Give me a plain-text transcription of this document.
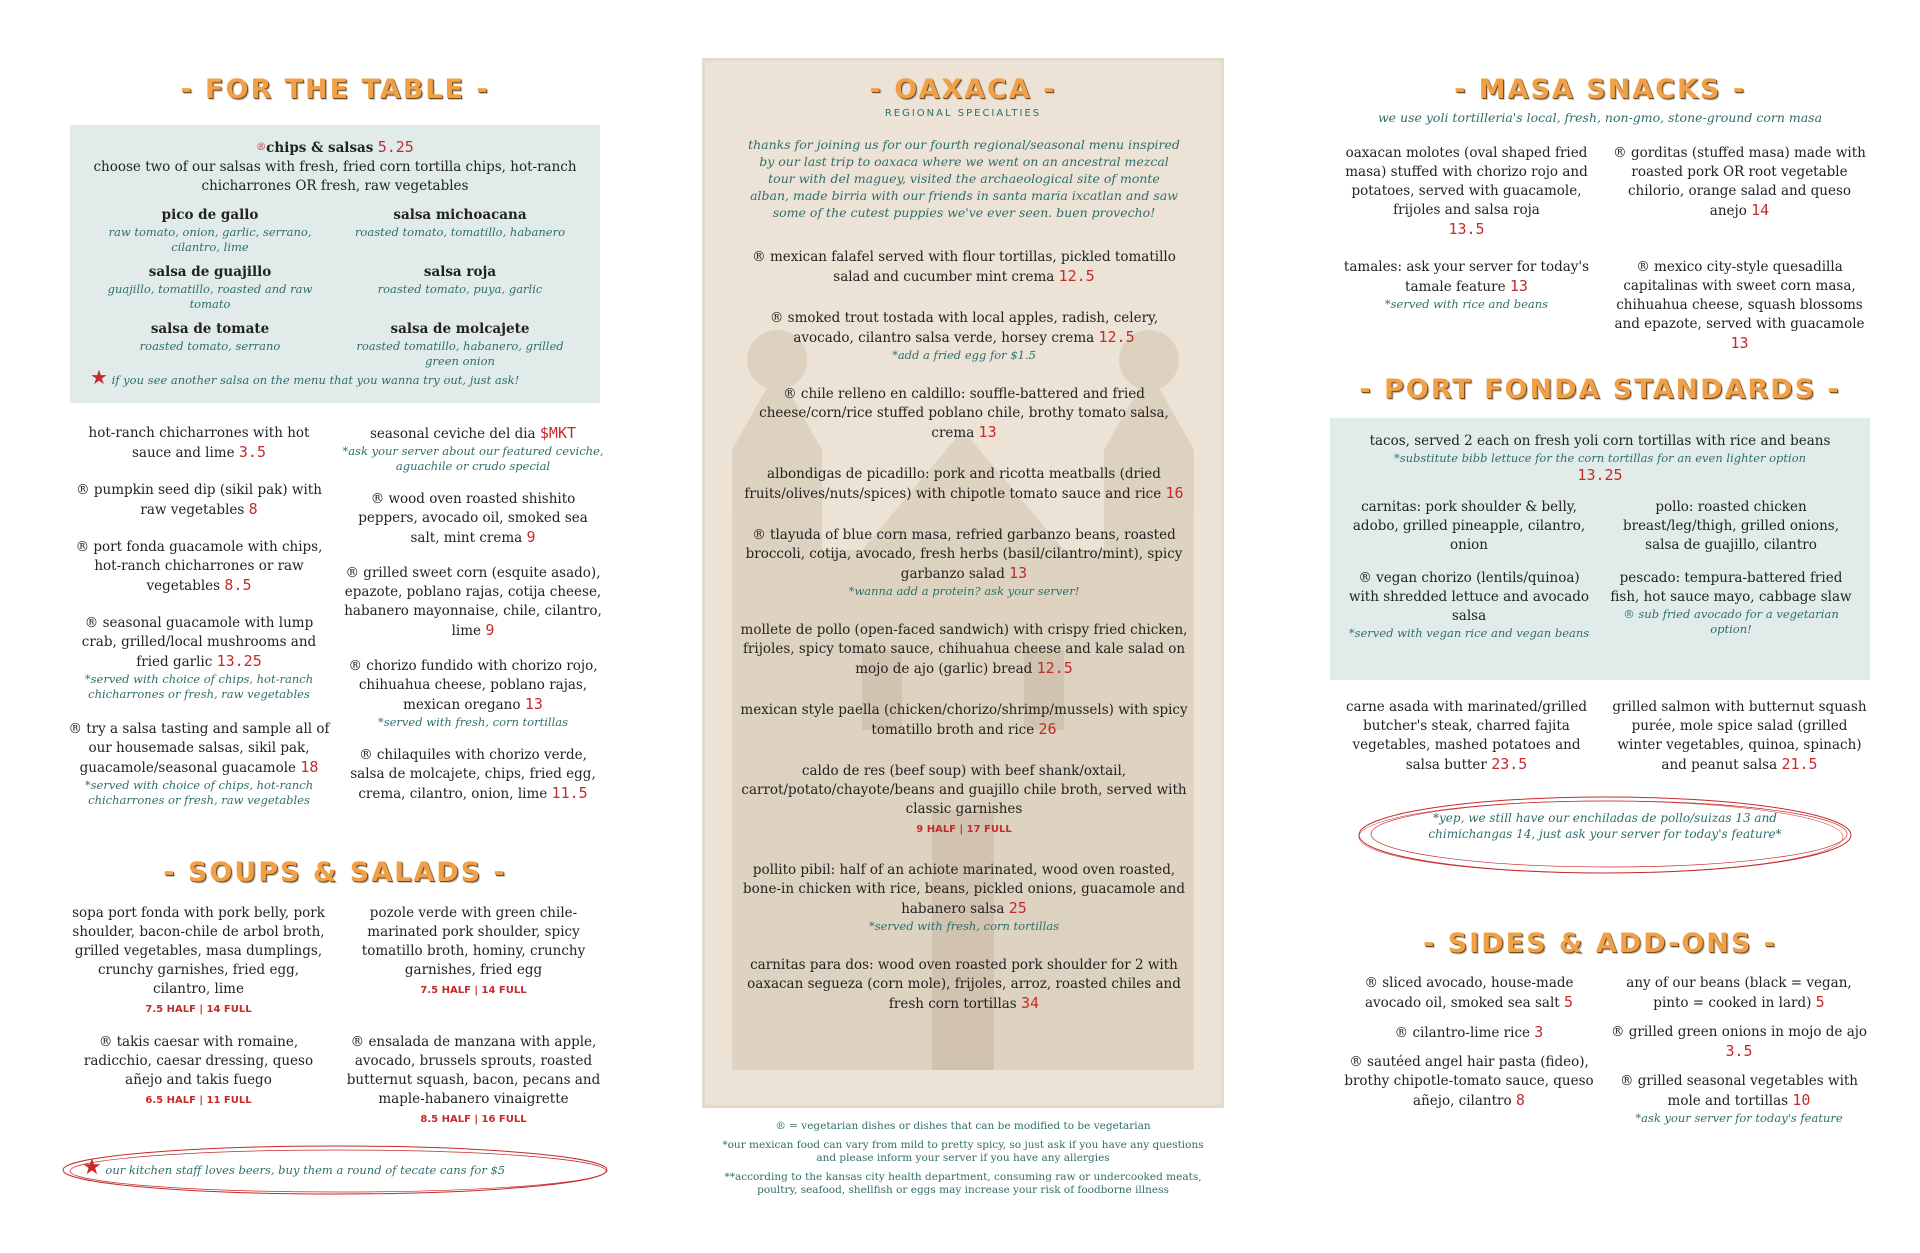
- FOR THE TABLE -
®chips & salsas 5.25
choose two of our salsas with fresh, fried corn tortilla chips, hot-ranch chicharrones OR fresh, raw vegetables
pico de gallo
raw tomato, onion, garlic, serrano, cilantro, lime
salsa michoacana
roasted tomato, tomatillo, habanero
salsa de guajillo
guajillo, tomatillo, roasted and raw tomato
salsa roja
roasted tomato, puya, garlic
salsa de tomate
roasted tomato, serrano
salsa de molcajete
roasted tomatillo, habanero, grilled green onion
★ if you see another salsa on the menu that you wanna try out, just ask!
hot-ranch chicharrones with hot sauce and lime 3.5
® pumpkin seed dip (sikil pak) with raw vegetables 8
® port fonda guacamole with chips, hot-ranch chicharrones or raw vegetables 8.5
® seasonal guacamole with lump crab, grilled/local mushrooms and fried garlic 13.25
*served with choice of chips, hot-ranch chicharrones or fresh, raw vegetables
® try a salsa tasting and sample all of our housemade salsas, sikil pak, guacamole/seasonal guacamole 18
*served with choice of chips, hot-ranch chicharrones or fresh, raw vegetables
seasonal ceviche del dia $MKT
*ask your server about our featured ceviche, aguachile or crudo special
® wood oven roasted shishito peppers, avocado oil, smoked sea salt, mint crema 9
® grilled sweet corn (esquite asado), epazote, poblano rajas, cotija cheese, habanero mayonnaise, chile, cilantro, lime 9
® chorizo fundido with chorizo rojo, chihuahua cheese, poblano rajas, mexican oregano 13
*served with fresh, corn tortillas
® chilaquiles with chorizo verde, salsa de molcajete, chips, fried egg, crema, cilantro, onion, lime 11.5
- SOUPS & SALADS -
sopa port fonda with pork belly, pork shoulder, bacon-chile de arbol broth, grilled vegetables, masa dumplings, crunchy garnishes, fried egg, cilantro, lime
7.5 HALF | 14 FULL
pozole verde with green chile-marinated pork shoulder, spicy tomatillo broth, hominy, crunchy garnishes, fried egg
7.5 HALF | 14 FULL
® takis caesar with romaine, radicchio, caesar dressing, queso añejo and takis fuego
6.5 HALF | 11 FULL
® ensalada de manzana with apple, avocado, brussels sprouts, roasted butternut squash, bacon, pecans and maple-habanero vinaigrette
8.5 HALF | 16 FULL
★ our kitchen staff loves beers, buy them a round of tecate cans for $5
- OAXACA -
REGIONAL SPECIALTIES
thanks for joining us for our fourth regional/seasonal menu inspired by our last trip to oaxaca where we went on an ancestral mezcal tour with del maguey, visited the archaeological site of monte alban, made birria with our friends in santa maria ixcatlan and saw some of the cutest puppies we've ever seen. buen provecho!
® mexican falafel served with flour tortillas, pickled tomatillo salad and cucumber mint crema 12.5
® smoked trout tostada with local apples, radish, celery, avocado, cilantro salsa verde, horsey crema 12.5
*add a fried egg for $1.5
® chile relleno en caldillo: souffle-battered and fried cheese/corn/rice stuffed poblano chile, brothy tomato salsa, crema 13
albondigas de picadillo: pork and ricotta meatballs (dried fruits/olives/nuts/spices) with chipotle tomato sauce and rice 16
® tlayuda of blue corn masa, refried garbanzo beans, roasted broccoli, cotija, avocado, fresh herbs (basil/cilantro/mint), spicy garbanzo salad 13
*wanna add a protein? ask your server!
mollete de pollo (open-faced sandwich) with crispy fried chicken, frijoles, spicy tomato sauce, chihuahua cheese and kale salad on mojo de ajo (garlic) bread 12.5
mexican style paella (chicken/chorizo/shrimp/mussels) with spicy tomatillo broth and rice 26
caldo de res (beef soup) with beef shank/oxtail, carrot/potato/chayote/beans and guajillo chile broth, served with classic garnishes
9 HALF | 17 FULL
pollito pibil: half of an achiote marinated, wood oven roasted, bone-in chicken with rice, beans, pickled onions, guacamole and habanero salsa 25
*served with fresh, corn tortillas
carnitas para dos: wood oven roasted pork shoulder for 2 with oaxacan segueza (corn mole), frijoles, arroz, roasted chiles and fresh corn tortillas 34
® = vegetarian dishes or dishes that can be modified to be vegetarian
*our mexican food can vary from mild to pretty spicy, so just ask if you have any questions and please inform your server if you have any allergies
**according to the kansas city health department, consuming raw or undercooked meats, poultry, seafood, shellfish or eggs may increase your risk of foodborne illness
- MASA SNACKS -
we use yoli tortilleria's local, fresh, non-gmo, stone-ground corn masa
oaxacan molotes (oval shaped fried masa) stuffed with chorizo rojo and potatoes, served with guacamole, frijoles and salsa roja
13.5
® gorditas (stuffed masa) made with roasted pork OR root vegetable chilorio, orange salad and queso anejo 14
tamales: ask your server for today's tamale feature 13
*served with rice and beans
® mexico city-style quesadilla capitalinas with sweet corn masa, chihuahua cheese, squash blossoms and epazote, served with guacamole 13
- PORT FONDA STANDARDS -
tacos, served 2 each on fresh yoli corn tortillas with rice and beans
*substitute bibb lettuce for the corn tortillas for an even lighter option
13.25
carnitas: pork shoulder & belly, adobo, grilled pineapple, cilantro, onion
pollo: roasted chicken breast/leg/thigh, grilled onions, salsa de guajillo, cilantro
® vegan chorizo (lentils/quinoa) with shredded lettuce and avocado salsa
*served with vegan rice and vegan beans
pescado: tempura-battered fried fish, hot sauce mayo, cabbage slaw
® sub fried avocado for a vegetarian option!
carne asada with marinated/grilled butcher's steak, charred fajita vegetables, mashed potatoes and salsa butter 23.5
grilled salmon with butternut squash purée, mole spice salad (grilled winter vegetables, quinoa, spinach) and peanut salsa 21.5
*yep, we still have our enchiladas de pollo/suizas 13 and chimichangas 14, just ask your server for today's feature*
- SIDES & ADD-ONS -
® sliced avocado, house-made avocado oil, smoked sea salt 5
® cilantro-lime rice 3
® sautéed angel hair pasta (fideo), brothy chipotle-tomato sauce, queso añejo, cilantro 8
any of our beans (black = vegan, pinto = cooked in lard) 5
® grilled green onions in mojo de ajo 3.5
® grilled seasonal vegetables with mole and tortillas 10
*ask your server for today's feature
